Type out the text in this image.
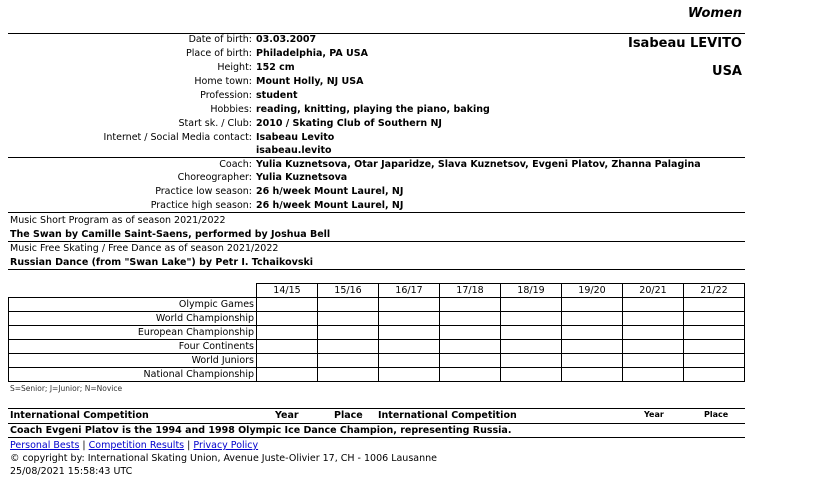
Women
Isabeau LEVITO
USA
Date of birth: 03.03.2007
Place of birth: Philadelphia, PA USA
Height: 152 cm
Home town: Mount Holly, NJ USA
Profession: student
Hobbies: reading, knitting, playing the piano, baking
Start sk. / Club: 2010 / Skating Club of Southern NJ
Internet / Social Media contact: Isabeau Levito
isabeau.levito
Coach: Yulia Kuznetsova, Otar Japaridze, Slava Kuznetsov, Evgeni Platov, Zhanna Palagina
Choreographer: Yulia Kuznetsova
Practice low season: 26 h/week Mount Laurel, NJ
Practice high season: 26 h/week Mount Laurel, NJ
Music Short Program as of season 2021/2022
The Swan by Camille Saint-Saens, performed by Joshua Bell
Music Free Skating / Free Dance as of season 2021/2022
Russian Dance (from "Swan Lake") by Petr I. Tchaikovski
	14/15	15/16	16/17	17/18	18/19	19/20	20/21	21/22
Olympic Games								
World Championship								
European Championship								
Four Continents								
World Juniors								
National Championship								
S=Senior; J=Junior; N=Novice
International Competition	Year	Place International Competition	Year	Place
Coach Evgeni Platov is the 1994 and 1998 Olympic Ice Dance Champion, representing Russia.
Personal Bests | Competition Results | Privacy Policy
© copyright by: International Skating Union, Avenue Juste-Olivier 17, CH - 1006 Lausanne
25/08/2021 15:58:43 UTC
